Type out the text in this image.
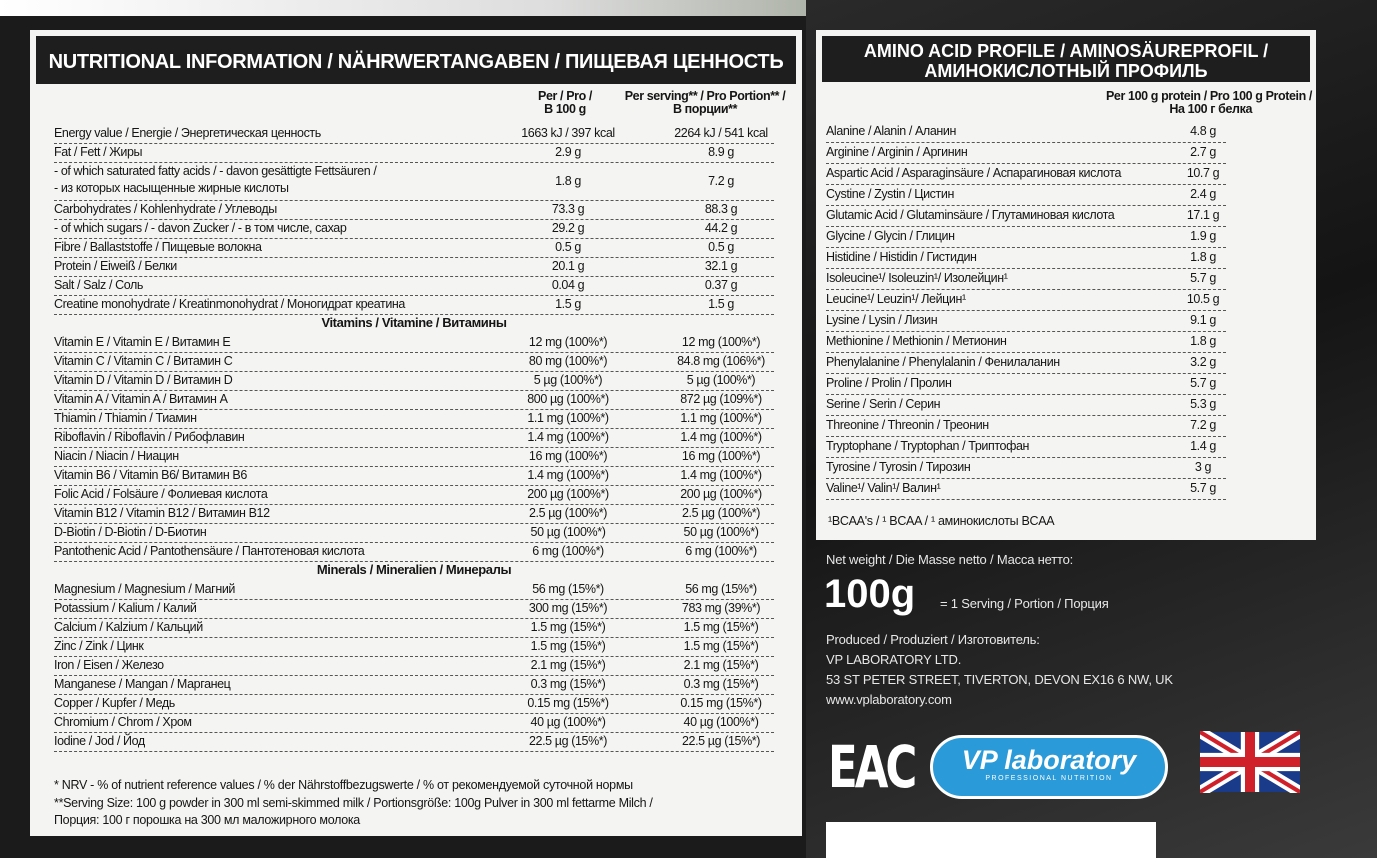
NUTRITIONAL INFORMATION / NÄHRWERTANGABEN / ПИЩЕВАЯ ЦЕННОСТЬ
Per / Pro /
В 100 g
Per serving** / Pro Portion** /
В порции**
Energy value / Energie / Энергетическая ценность	1663 kJ / 397 kcal	2264 kJ / 541 kcal
Fat / Fett / Жиры	2.9 g	8.9 g
- of which saturated fatty acids / - davon gesättigte Fettsäuren /
- из которых насыщенные жирные кислоты	1.8 g	7.2 g
Carbohydrates / Kohlenhydrate / Углеводы	73.3 g	88.3 g
- of which sugars / - davon Zucker / - в том числе, сахар	29.2 g	44.2 g
Fibre / Ballaststoffe / Пищевые волокна	0.5 g	0.5 g
Protein / Eiweiß / Белки	20.1 g	32.1 g
Salt / Salz / Соль	0.04 g	0.37 g
Creatine monohydrate / Kreatinmonohydrat / Моногидрат креатина	1.5 g	1.5 g
Vitamins / Vitamine / Витамины
Vitamin E / Vitamin E / Витамин E	12 mg (100%*)	12 mg (100%*)
Vitamin C / Vitamin C / Витамин C	80 mg (100%*)	84.8 mg (106%*)
Vitamin D / Vitamin D / Витамин D	5 µg (100%*)	5 µg (100%*)
Vitamin A / Vitamin A / Витамин A	800 µg (100%*)	872 µg (109%*)
Thiamin / Thiamin / Тиамин	1.1 mg (100%*)	1.1 mg (100%*)
Riboflavin / Riboflavin / Рибофлавин	1.4 mg (100%*)	1.4 mg (100%*)
Niacin / Niacin / Ниацин	16 mg (100%*)	16 mg (100%*)
Vitamin B6 / Vitamin B6/ Витамин B6	1.4 mg (100%*)	1.4 mg (100%*)
Folic Acid / Folsäure / Фолиевая кислота	200 µg (100%*)	200 µg (100%*)
Vitamin B12 / Vitamin B12 / Витамин B12	2.5 µg (100%*)	2.5 µg (100%*)
D-Biotin / D-Biotin / D-Биотин	50 µg (100%*)	50 µg (100%*)
Pantothenic Acid / Pantothensäure / Пантотеновая кислота	6 mg (100%*)	6 mg (100%*)
Minerals / Mineralien / Минералы
Magnesium / Magnesium / Магний	56 mg (15%*)	56 mg (15%*)
Potassium / Kalium / Калий	300 mg (15%*)	783 mg (39%*)
Calcium / Kalzium / Кальций	1.5 mg (15%*)	1.5 mg (15%*)
Zinc / Zink / Цинк	1.5 mg (15%*)	1.5 mg (15%*)
Iron / Eisen / Железо	2.1 mg (15%*)	2.1 mg (15%*)
Manganese / Mangan / Марганец	0.3 mg (15%*)	0.3 mg (15%*)
Copper / Kupfer / Медь	0.15 mg (15%*)	0.15 mg (15%*)
Chromium / Chrom / Хром	40 µg (100%*)	40 µg (100%*)
Iodine / Jod / Йод	22.5 µg (15%*)	22.5 µg (15%*)
* NRV - % of nutrient reference values / % der Nährstoffbezugswerte / % от рекомендуемой суточной нормы
**Serving Size: 100 g powder in 300 ml semi-skimmed milk / Portionsgröße: 100g Pulver in 300 ml fettarme Milch /
Порция: 100 г порошка на 300 мл маложирного молока
AMINO ACID PROFILE / AMINOSÄUREPROFIL /
АМИНОКИСЛОТНЫЙ ПРОФИЛЬ
Per 100 g protein / Pro 100 g Protein /
На 100 г белка
Alanine / Alanin / Аланин	4.8 g
Arginine / Arginin / Аргинин	2.7 g
Aspartic Acid / Asparaginsäure / Аспарагиновая кислота	10.7 g
Cystine / Zystin / Цистин	2.4 g
Glutamic Acid / Glutaminsäure / Глутаминовая кислота	17.1 g
Glycine / Glycin / Глицин	1.9 g
Histidine / Histidin / Гистидин	1.8 g
Isoleucine¹/ Isoleuzin¹/ Изолейцин¹	5.7 g
Leucine¹/ Leuzin¹/ Лейцин¹	10.5 g
Lysine / Lysin / Лизин	9.1 g
Methionine / Methionin / Метионин	1.8 g
Phenylalanine / Phenylalanin / Фенилаланин	3.2 g
Proline / Prolin / Пролин	5.7 g
Serine / Serin / Серин	5.3 g
Threonine / Threonin / Треонин	7.2 g
Tryptophane / Tryptophan / Триптофан	1.4 g
Tyrosine / Tyrosin / Тирозин	3 g
Valine¹/ Valin¹/ Валин¹	5.7 g
¹BCAA's / ¹ BCAA / ¹ аминокислоты BCAA
Net weight / Die Masse netto / Масса нетто:
100g = 1 Serving / Portion / Порция
Produced / Produziert / Изготовитель:
VP LABORATORY LTD.
53 ST PETER STREET, TIVERTON, DEVON EX16 6 NW, UK
www.vplaboratory.com
ЕАС	VP laboratory
PROFESSIONAL NUTRITION
